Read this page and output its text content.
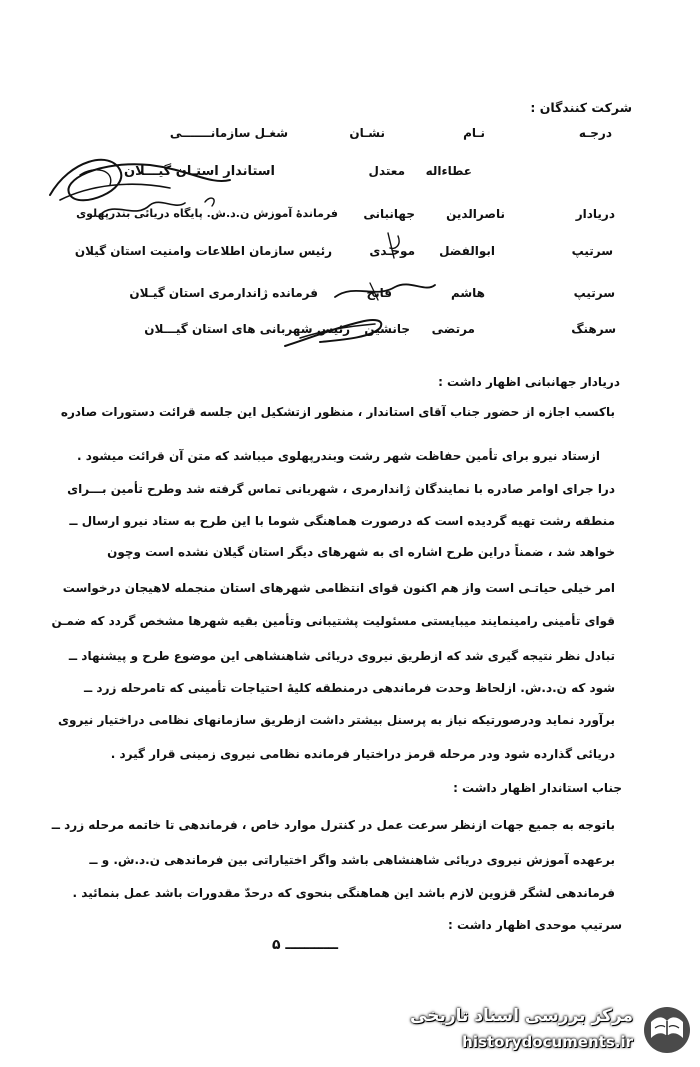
شرکت کنندگان :
درجـه
نـام
نشـان
شغـل سازمانـــــــی
عطاءاله
معتدل
استاندار استـان گیـــلان
دریادار
ناصرالدین
جهانبانی
فرماندهٔ آموزش ن.د.ش. پایگاه دریائی بندرپهلوی
سرتیپ
ابوالفضل
موحـدی
رئیس سازمان اطلاعات وامنیت استان گیلان
سرتیپ
هاشم
فاتح
فرمانده ژاندارمری استان گیـلان
سرهنگ
مرتضی
جانشین
رئیس شهربانی های استان گیـــلان
دریادار جهانبانی اظهار داشت :
باکسب اجازه از حضور جناب آقای استاندار ، منظور ازتشکیل این جلسه قرائت دستورات صادره
ازستاد نیرو برای تأمین حفاظت شهر رشت وبندرپهلوی میباشد که متن آن قرائت میشود .
درا جرای اوامر صادره با نمایندگان ژاندارمری ، شهربانی تماس گرفته شد وطرح تأمین بـــرای
منطقه رشت تهیه گردیده است که درصورت هماهنگی شوما با این طرح به ستاد نیرو ارسال ــ
خواهد شد ، ضمناً دراین طرح اشاره ای به شهرهای دیگر استان گیلان نشده است وچون
امر خیلی حیاتـی است واز هم اکنون قوای انتظامی شهرهای استان منجمله لاهیجان درخواست
قوای تأمینی رامینمایند میبایستی مسئولیت پشتیبانی وتأمین بقیه شهرها مشخص گردد که ضمـن
تبادل نظر نتیجه گیری شد که ازطریق نیروی دریائی شاهنشاهی این موضوع طرح و پیشنهاد ــ
شود که ن.د.ش. ازلحاظ وحدت فرماندهی درمنطقه کلیهٔ احتیاجات تأمینی که تامرحله زرد ــ
برآورد نماید ودرصورتیکه نیاز به پرسنل بیشتر داشت ازطریق سازمانهای نظامی دراختیار نیروی
دریائی گذارده شود ودر مرحله قرمز دراختیار فرمانده نظامی نیروی زمینی قرار گیرد .
جناب استاندار اظهار داشت :
باتوجه به جمیع جهات ازنظر سرعت عمل در کنترل موارد خاص ، فرماندهی تا خاتمه مرحله زرد ــ
برعهده آموزش نیروی دریائی شاهنشاهی باشد واگر اختیاراتی بین فرماندهی ن.د.ش. و ــ
فرماندهی لشگر قزوین لازم باشد این هماهنگی بنحوی که درحدّ مقدورات باشد عمل بنمائید .
سرتیپ موحدی اظهار داشت :
ـــــــــــ ۵
مرکز بررسی اسناد تاریخی
historydocuments.ir
